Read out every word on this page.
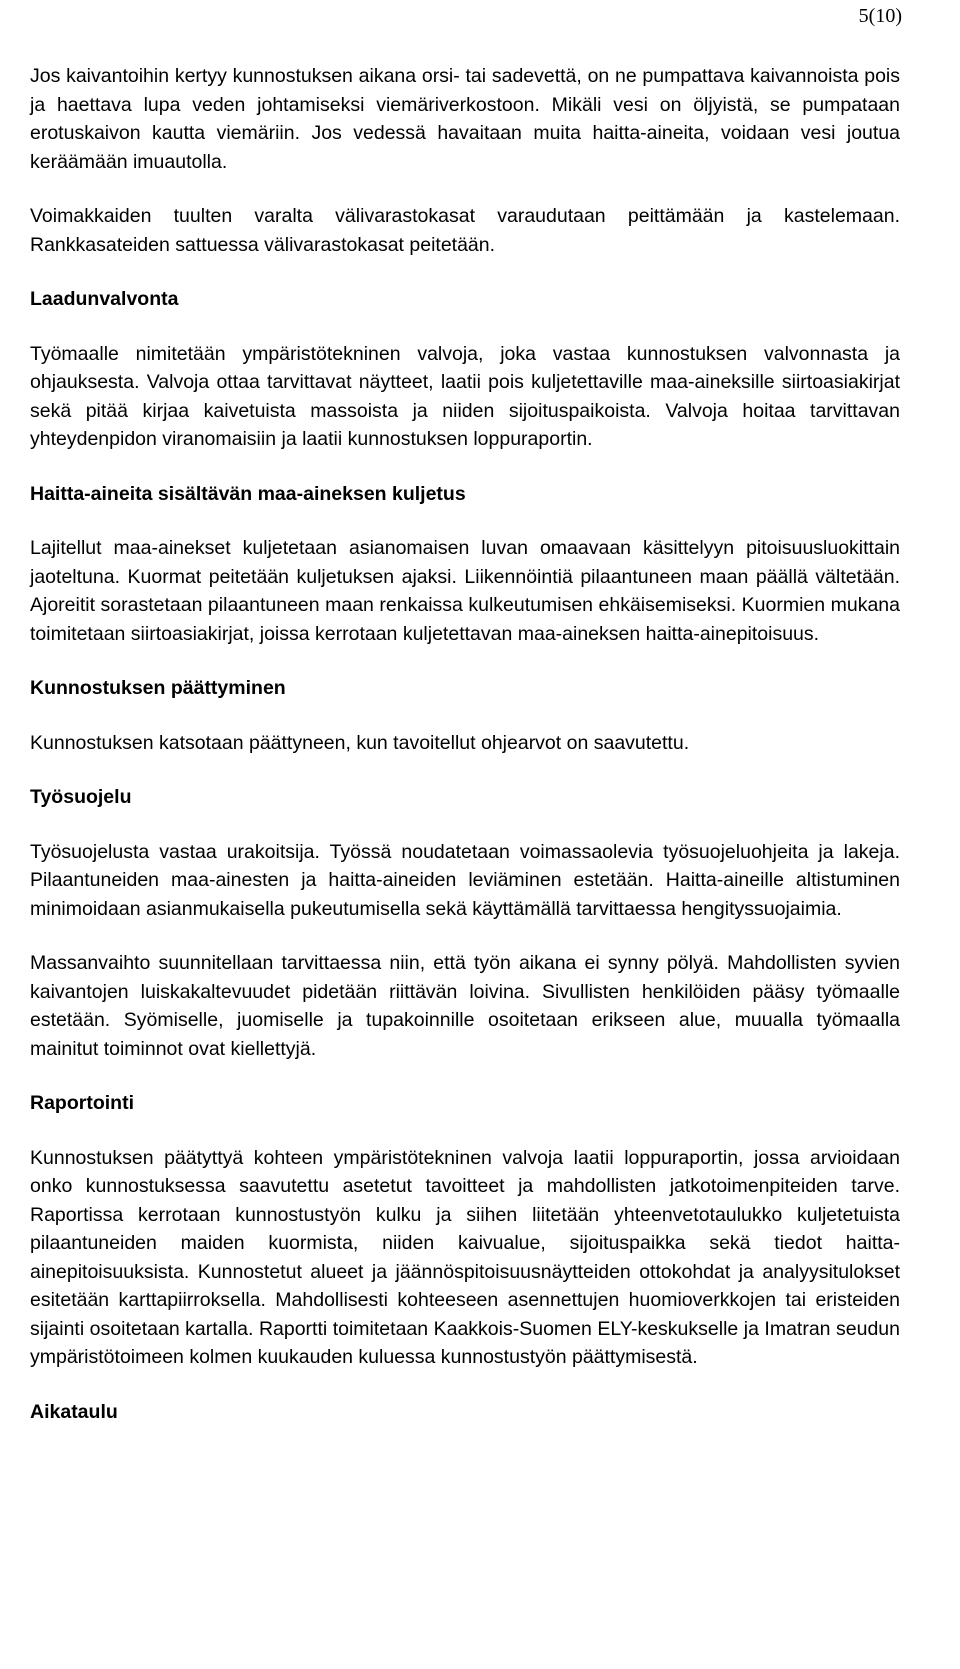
5(10)

Jos kaivantoihin kertyy kunnostuksen aikana orsi- tai sadevettä, on ne pumpattava kaivannoista pois ja haettava lupa veden johtamiseksi viemäriverkostoon. Mikäli vesi on öljyistä, se pumpataan erotuskaivon kautta viemäriin. Jos vedessä havaitaan muita haitta-aineita, voidaan vesi joutua keräämään imuautolla.

Voimakkaiden tuulten varalta välivarastokasat varaudutaan peittämään ja kastelemaan. Rankkasateiden sattuessa välivarastokasat peitetään.

Laadunvalvonta

Työmaalle nimitetään ympäristötekninen valvoja, joka vastaa kunnostuksen valvonnasta ja ohjauksesta. Valvoja ottaa tarvittavat näytteet, laatii pois kuljetettaville maa-aineksille siirtoasiakirjat sekä pitää kirjaa kaivetuista massoista ja niiden sijoituspaikoista. Valvoja hoitaa tarvittavan yhteydenpidon viranomaisiin ja laatii kunnostuksen loppuraportin.

Haitta-aineita sisältävän maa-aineksen kuljetus

Lajitellut maa-ainekset kuljetetaan asianomaisen luvan omaavaan käsittelyyn pitoisuusluokittain jaoteltuna. Kuormat peitetään kuljetuksen ajaksi. Liikennöintiä pilaantuneen maan päällä vältetään. Ajoreitit sorastetaan pilaantuneen maan renkaissa kulkeutumisen ehkäisemiseksi. Kuormien mukana toimitetaan siirtoasiakirjat, joissa kerrotaan kuljetettavan maa-aineksen haitta-ainepitoisuus.

Kunnostuksen päättyminen

Kunnostuksen katsotaan päättyneen, kun tavoitellut ohjearvot on saavutettu.

Työsuojelu

Työsuojelusta vastaa urakoitsija. Työssä noudatetaan voimassaolevia työsuojeluohjeita ja lakeja. Pilaantuneiden maa-ainesten ja haitta-aineiden leviäminen estetään. Haitta-aineille altistuminen minimoidaan asianmukaisella pukeutumisella sekä käyttämällä tarvittaessa hengityssuojaimia.

Massanvaihto suunnitellaan tarvittaessa niin, että työn aikana ei synny pölyä. Mahdollisten syvien kaivantojen luiskakaltevuudet pidetään riittävän loivina. Sivullisten henkilöiden pääsy työmaalle estetään. Syömiselle, juomiselle ja tupakoinnille osoitetaan erikseen alue, muualla työmaalla mainitut toiminnot ovat kiellettyjä.

Raportointi

Kunnostuksen päätyttyä kohteen ympäristötekninen valvoja laatii loppuraportin, jossa arvioidaan onko kunnostuksessa saavutettu asetetut tavoitteet ja mahdollisten jatkotoimenpiteiden tarve. Raportissa kerrotaan kunnostustyön kulku ja siihen liitetään yhteenvetotaulukko kuljetetuista pilaantuneiden maiden kuormista, niiden kaivualue, sijoituspaikka sekä tiedot haitta-ainepitoisuuksista. Kunnostetut alueet ja jäännöspitoisuusnäytteiden ottokohdat ja analyysitulokset esitetään karttapiirroksella. Mahdollisesti kohteeseen asennettujen huomioverkkojen tai eristeiden sijainti osoitetaan kartalla. Raportti toimitetaan Kaakkois-Suomen ELY-keskukselle ja Imatran seudun ympäristötoimeen kolmen kuukauden kuluessa kunnostustyön päättymisestä.

Aikataulu
